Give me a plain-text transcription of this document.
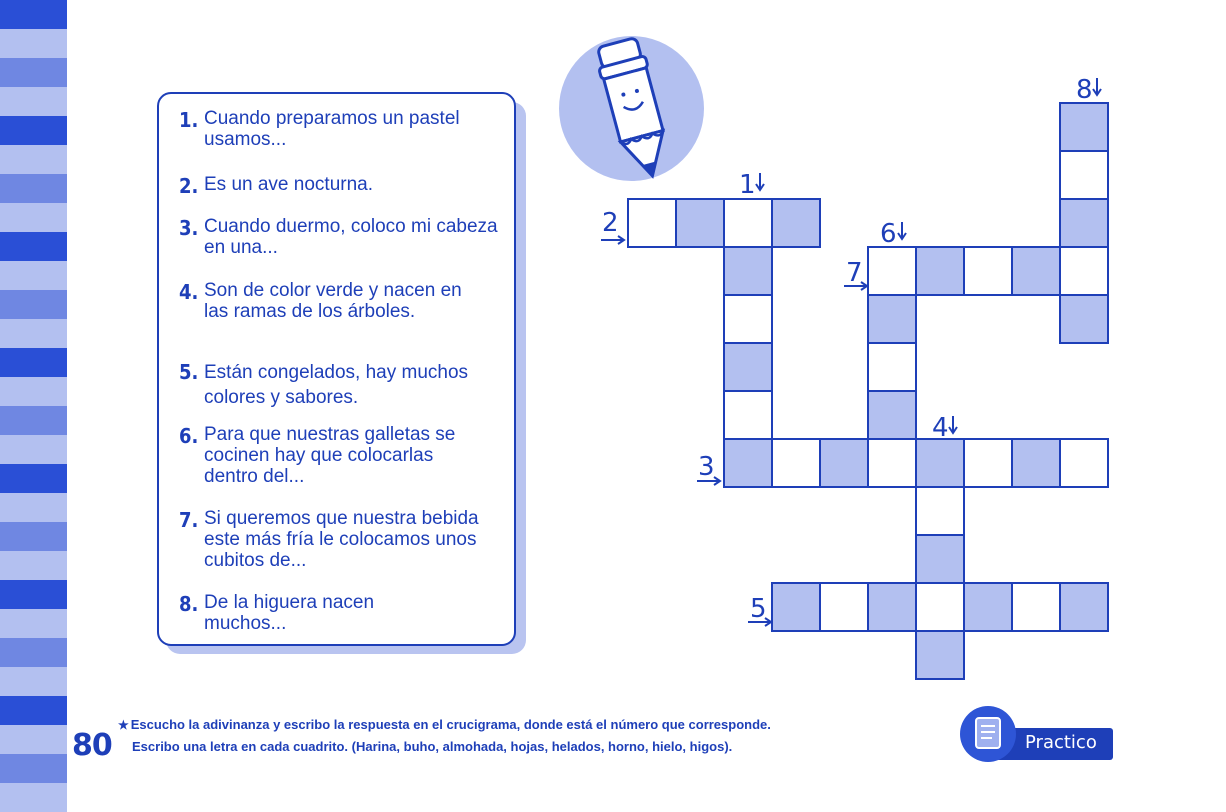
80
1. Cuando preparamos un pastel usamos...
2. Es un ave nocturna.
3. Cuando duermo, coloco mi cabeza en una...
4. Son de color verde y nacen en las ramas de los árboles.
5. Están congelados, hay muchos colores y sabores.
6. Para que nuestras galletas se cocinen hay que colocarlas dentro del...
7. Si queremos que nuestra bebida este más fría le colocamos unos cubitos de...
8. De la higuera nacen muchos...
1
2	6
7
8
4
3
5
★ Escucho la adivinanza y escribo la respuesta en el crucigrama, donde está el número que corresponde.
Escribo una letra en cada cuadrito. (Harina, buho, almohada, hojas, helados, horno, hielo, higos).	Practico
